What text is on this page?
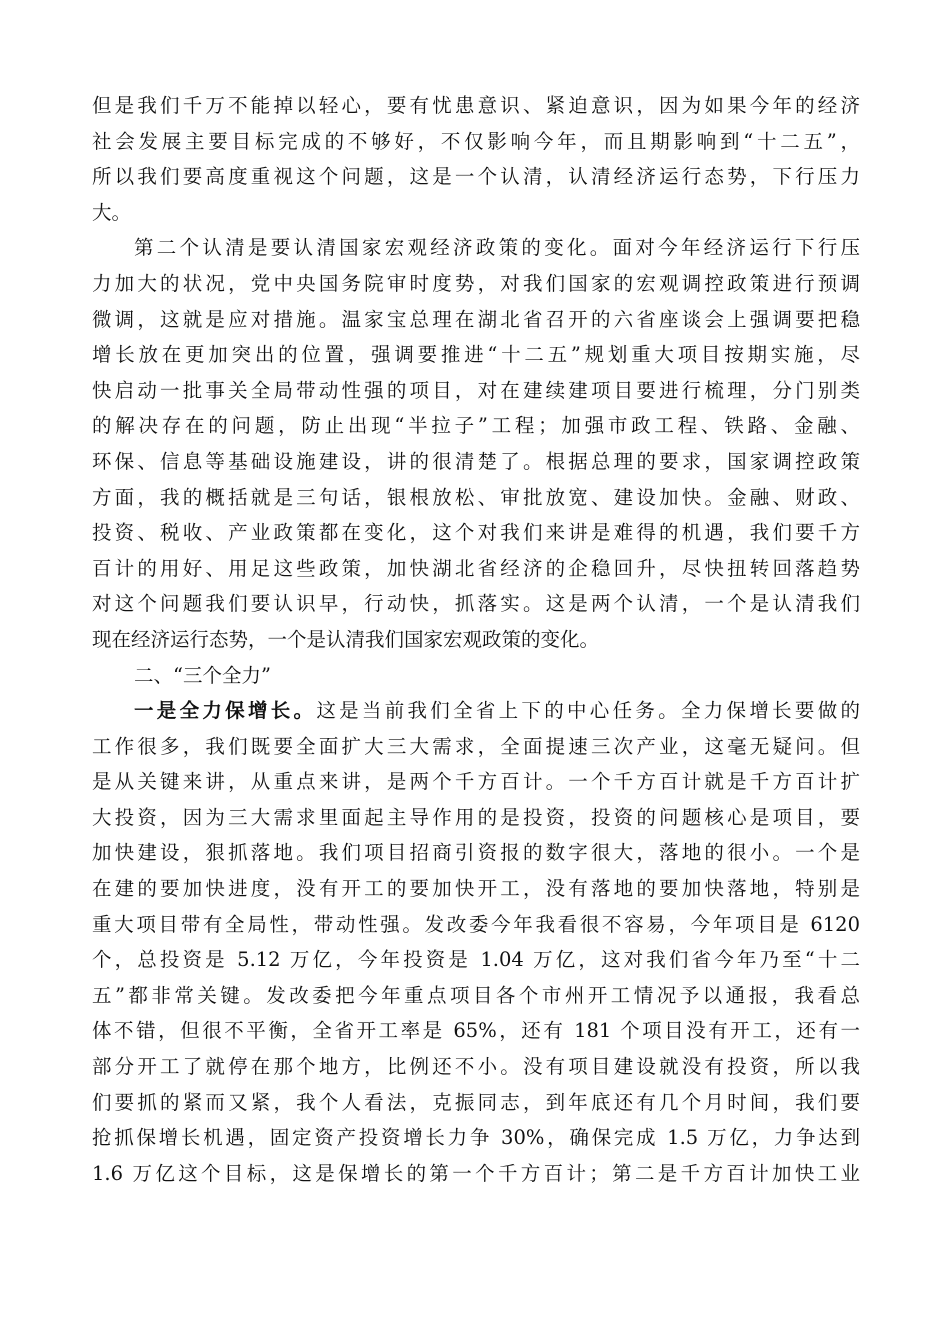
但是我们千万不能掉以轻心，要有忧患意识、紧迫意识，因为如果今年的经济
社会发展主要目标完成的不够好，不仅影响今年，而且期影响到“十二五”，
所以我们要高度重视这个问题，这是一个认清，认清经济运行态势，下行压力
大。
第二个认清是要认清国家宏观经济政策的变化。面对今年经济运行下行压
力加大的状况，党中央国务院审时度势，对我们国家的宏观调控政策进行预调
微调，这就是应对措施。温家宝总理在湖北省召开的六省座谈会上强调要把稳
增长放在更加突出的位置，强调要推进“十二五”规划重大项目按期实施，尽
快启动一批事关全局带动性强的项目，对在建续建项目要进行梳理，分门别类
的解决存在的问题，防止出现“半拉子”工程；加强市政工程、铁路、金融、
环保、信息等基础设施建设，讲的很清楚了。根据总理的要求，国家调控政策
方面，我的概括就是三句话，银根放松、审批放宽、建设加快。金融、财政、
投资、税收、产业政策都在变化，这个对我们来讲是难得的机遇，我们要千方
百计的用好、用足这些政策，加快湖北省经济的企稳回升，尽快扭转回落趋势
对这个问题我们要认识早，行动快，抓落实。这是两个认清，一个是认清我们
现在经济运行态势，一个是认清我们国家宏观政策的变化。
二、“三个全力”
一是全力保增长。这是当前我们全省上下的中心任务。全力保增长要做的
工作很多，我们既要全面扩大三大需求，全面提速三次产业，这毫无疑问。但
是从关键来讲，从重点来讲，是两个千方百计。一个千方百计就是千方百计扩
大投资，因为三大需求里面起主导作用的是投资，投资的问题核心是项目，要
加快建设，狠抓落地。我们项目招商引资报的数字很大，落地的很小。一个是
在建的要加快进度，没有开工的要加快开工，没有落地的要加快落地，特别是
重大项目带有全局性，带动性强。发改委今年我看很不容易，今年项目是 6120
个，总投资是 5.12 万亿，今年投资是 1.04 万亿，这对我们省今年乃至“十二
五”都非常关键。发改委把今年重点项目各个市州开工情况予以通报，我看总
体不错，但很不平衡，全省开工率是 65%，还有 181 个项目没有开工，还有一
部分开工了就停在那个地方，比例还不小。没有项目建设就没有投资，所以我
们要抓的紧而又紧，我个人看法，克振同志，到年底还有几个月时间，我们要
抢抓保增长机遇，固定资产投资增长力争 30%，确保完成 1.5 万亿，力争达到
1.6 万亿这个目标，这是保增长的第一个千方百计；第二是千方百计加快工业
